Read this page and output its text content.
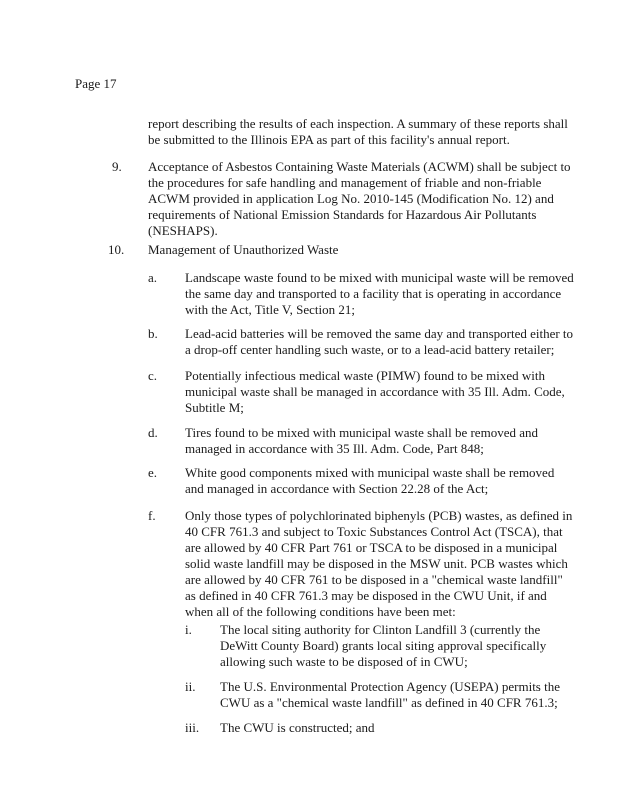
Page 17

report describing the results of each inspection. A summary of these reports shall

be submitted to the Illinois EPA as part of this facility's annual report.

9. Acceptance of Asbestos Containing Waste Materials (ACWM) shall be subject to

the procedures for safe handling and management of friable and non-friable

ACWM provided in application Log No. 2010-145 (Modification No. 12) and

requirements of National Emission Standards for Hazardous Air Pollutants

(NESHAPS).

10. Management of Unauthorized Waste
a. Landscape waste found to be mixed with municipal waste will be removed

the same day and transported to a facility that is operating in accordance

with the Act, Title V, Section 21;

b. Lead-acid batteries will be removed the same day and transported either to

a drop-off center handling such waste, or to a lead-acid battery retailer;

c. Potentially infectious medical waste (PIMW) found to be mixed with

municipal waste shall be managed in accordance with 35 Ill. Adm. Code,

Subtitle M;

d. Tires found to be mixed with municipal waste shall be removed and

managed in accordance with 35 Ill. Adm. Code, Part 848;

e. White good components mixed with municipal waste shall be removed

and managed in accordance with Section 22.28 of the Act;

f. Only those types of polychlorinated biphenyls (PCB) wastes, as defined in

40 CFR 761.3 and subject to Toxic Substances Control Act (TSCA), that

are allowed by 40 CFR Part 761 or TSCA to be disposed in a municipal

solid waste landfill may be disposed in the MSW unit. PCB wastes which

are allowed by 40 CFR 761 to be disposed in a "chemical waste landfill"

as defined in 40 CFR 761.3 may be disposed in the CWU Unit, if and

when all of the following conditions have been met:

i. The local siting authority for Clinton Landfill 3 (currently the

DeWitt County Board) grants local siting approval specifically

allowing such waste to be disposed of in CWU;

ii. The U.S. Environmental Protection Agency (USEPA) permits the

CWU as a "chemical waste landfill" as defined in 40 CFR 761.3;

iii. The CWU is constructed; and
